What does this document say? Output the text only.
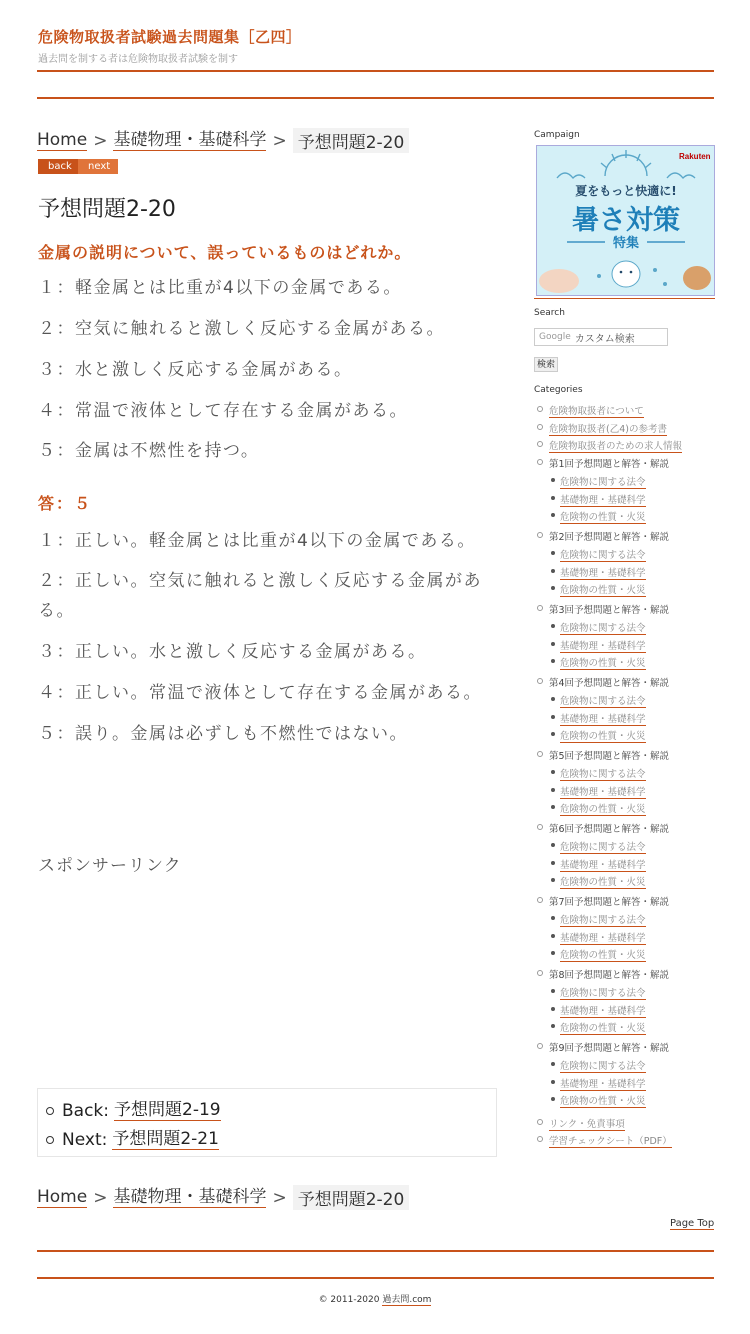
危険物取扱者試験過去問題集［乙四］
過去問を制する者は危険物取扱者試験を制す
Home > 基礎物理・基礎科学 > 予想問題2-20
back	next
予想問題2-20
金属の説明について、誤っているものはどれか。
１：軽金属とは比重が4以下の金属である。
２：空気に触れると激しく反応する金属がある。
３：水と激しく反応する金属がある。
４：常温で液体として存在する金属がある。
５：金属は不燃性を持つ。
答：５
１：正しい。軽金属とは比重が4以下の金属である。
２：正しい。空気に触れると激しく反応する金属がある。
３：正しい。水と激しく反応する金属がある。
４：正しい。常温で液体として存在する金属がある。
５：誤り。金属は必ずしも不燃性ではない。
スポンサーリンク
Back: 予想問題2-19
Next: 予想問題2-21
Home > 基礎物理・基礎科学 > 予想問題2-20
Page Top
© 2011-2020 過去問.com
Campaign
Rakuten
夏をもっと快適に!
暑さ対策
特集
Search
Google カスタム検索
検索
Categories
危険物取扱者について
危険物取扱者(乙4)の参考書
危険物取扱者のための求人情報
第1回予想問題と解答・解説
危険物に関する法令
基礎物理・基礎科学
危険物の性質・火災
第2回予想問題と解答・解説
危険物に関する法令
基礎物理・基礎科学
危険物の性質・火災
第3回予想問題と解答・解説
危険物に関する法令
基礎物理・基礎科学
危険物の性質・火災
第4回予想問題と解答・解説
危険物に関する法令
基礎物理・基礎科学
危険物の性質・火災
第5回予想問題と解答・解説
危険物に関する法令
基礎物理・基礎科学
危険物の性質・火災
第6回予想問題と解答・解説
危険物に関する法令
基礎物理・基礎科学
危険物の性質・火災
第7回予想問題と解答・解説
危険物に関する法令
基礎物理・基礎科学
危険物の性質・火災
第8回予想問題と解答・解説
危険物に関する法令
基礎物理・基礎科学
危険物の性質・火災
第9回予想問題と解答・解説
危険物に関する法令
基礎物理・基礎科学
危険物の性質・火災
リンク・免責事項
学習チェックシート（PDF）
